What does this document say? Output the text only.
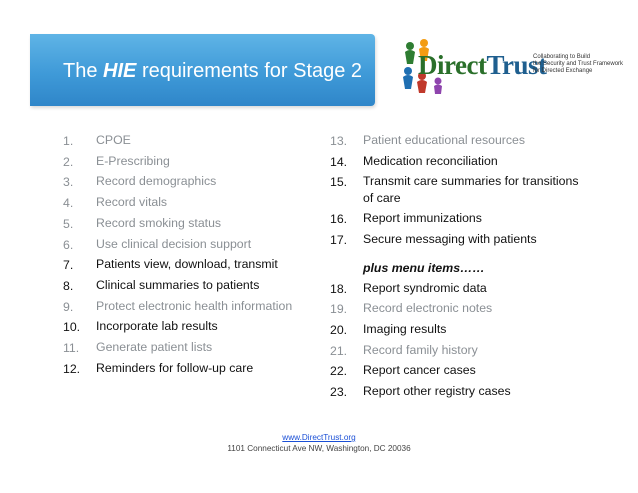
The HIE requirements for Stage 2 DirectTrust
Collaborating to Build
the Security and Trust Framework
for Directed Exchange
1.	CPOE
2.	E-Prescribing
3.	Record demographics
4.	Record vitals
5.	Record smoking status
6.	Use clinical decision support
7.	Patients view, download, transmit
8.	Clinical summaries to patients
9.	Protect electronic health information
10.	Incorporate lab results
11.	Generate patient lists
12.	Reminders for follow-up care
13.	Patient educational resources
14.	Medication reconciliation
15.	Transmit care summaries for transitions of care
16.	Report immunizations
17.	Secure messaging with patients
plus menu items……
18.	Report syndromic data
19.	Record electronic notes
20.	Imaging results
21.	Record family history
22.	Report cancer cases
23.	Report other registry cases
www.DirectTrust.org
1101 Connecticut Ave NW, Washington, DC 20036
